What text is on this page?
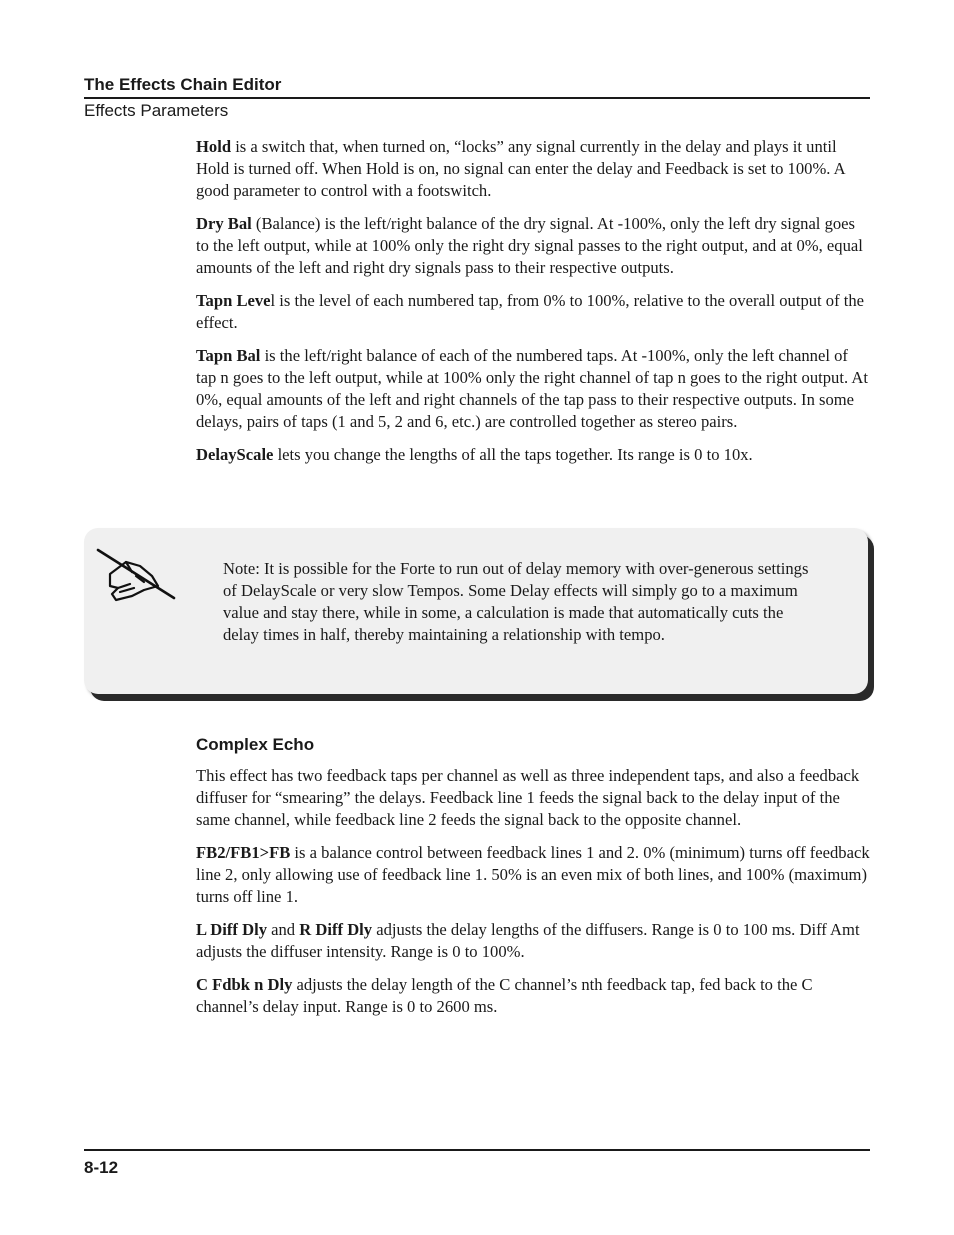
The Effects Chain Editor
Effects Parameters

Hold is a switch that, when turned on, “locks” any signal currently in the delay and plays it until Hold is turned off. When Hold is on, no signal can enter the delay and Feedback is set to 100%. A good parameter to control with a footswitch.

Dry Bal (Balance) is the left/right balance of the dry signal. At -100%, only the left dry signal goes to the left output, while at 100% only the right dry signal passes to the right output, and at 0%, equal amounts of the left and right dry signals pass to their respective outputs.

Tapn Level is the level of each numbered tap, from 0% to 100%, relative to the overall output of the effect.

Tapn Bal is the left/right balance of each of the numbered taps. At -100%, only the left channel of tap n goes to the left output, while at 100% only the right channel of tap n goes to the right output. At 0%, equal amounts of the left and right channels of the tap pass to their respective outputs. In some delays, pairs of taps (1 and 5, 2 and 6, etc.) are controlled together as stereo pairs.

DelayScale lets you change the lengths of all the taps together. Its range is 0 to 10x.

Note: It is possible for the Forte to run out of delay memory with over-generous settings of DelayScale or very slow Tempos. Some Delay effects will simply go to a maximum value and stay there, while in some, a calculation is made that automatically cuts the delay times in half, thereby maintaining a relationship with tempo.
Complex Echo

This effect has two feedback taps per channel as well as three independent taps, and also a feedback diffuser for “smearing” the delays. Feedback line 1 feeds the signal back to the delay input of the same channel, while feedback line 2 feeds the signal back to the opposite channel.

FB2/FB1>FB is a balance control between feedback lines 1 and 2. 0% (minimum) turns off feedback line 2, only allowing use of feedback line 1. 50% is an even mix of both lines, and 100% (maximum) turns off line 1.

L Diff Dly and R Diff Dly adjusts the delay lengths of the diffusers. Range is 0 to 100 ms. Diff Amt adjusts the diffuser intensity. Range is 0 to 100%.

C Fdbk n Dly adjusts the delay length of the C channel’s nth feedback tap, fed back to the C channel’s delay input. Range is 0 to 2600 ms.

8-12
